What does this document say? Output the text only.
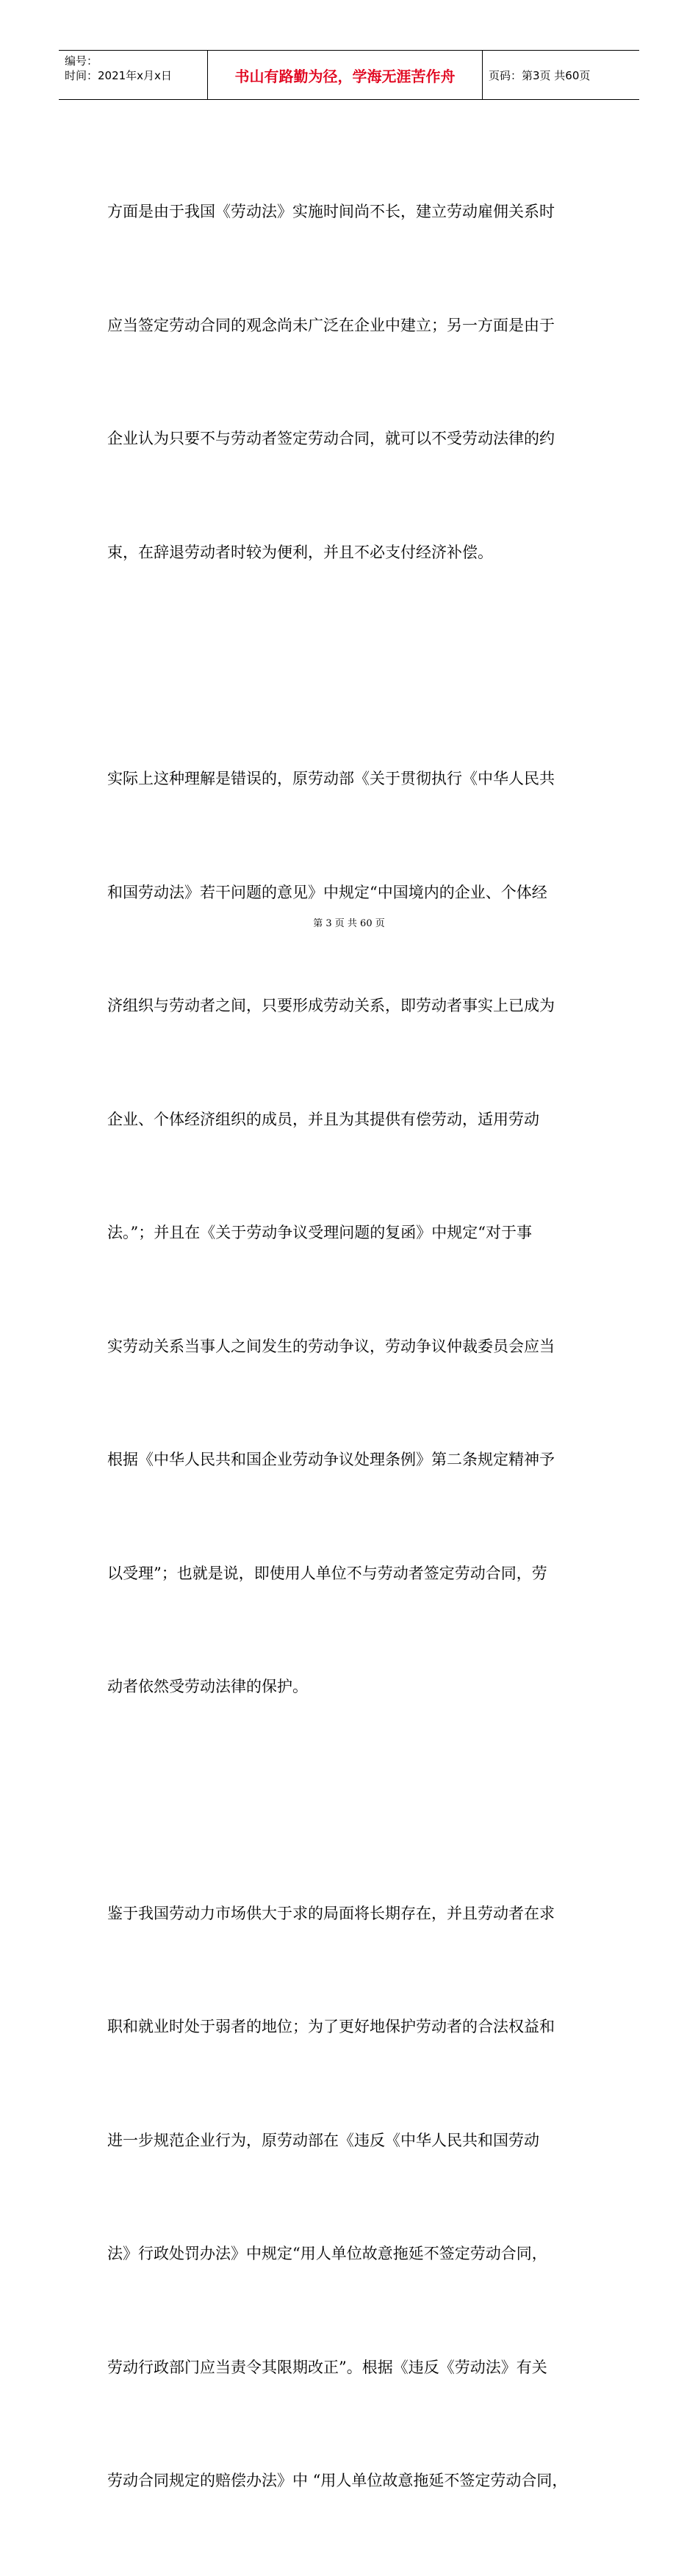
编号：
时间：2021年x月x日	书山有路勤为径，学海无涯苦作舟	页码：第3页 共60页

方面是由于我国《劳动法》实施时间尚不长，建立劳动雇佣关系时

应当签定劳动合同的观念尚未广泛在企业中建立；另一方面是由于

企业认为只要不与劳动者签定劳动合同，就可以不受劳动法律的约

束，在辞退劳动者时较为便利，并且不必支付经济补偿。

实际上这种理解是错误的，原劳动部《关于贯彻执行《中华人民共

和国劳动法》若干问题的意见》中规定“中国境内的企业、个体经

济组织与劳动者之间，只要形成劳动关系，即劳动者事实上已成为

企业、个体经济组织的成员，并且为其提供有偿劳动，适用劳动

法。”；并且在《关于劳动争议受理问题的复函》中规定“对于事

实劳动关系当事人之间发生的劳动争议，劳动争议仲裁委员会应当

根据《中华人民共和国企业劳动争议处理条例》第二条规定精神予

以受理”；也就是说，即使用人单位不与劳动者签定劳动合同，劳

动者依然受劳动法律的保护。

鉴于我国劳动力市场供大于求的局面将长期存在，并且劳动者在求

职和就业时处于弱者的地位；为了更好地保护劳动者的合法权益和

进一步规范企业行为，原劳动部在《违反《中华人民共和国劳动

法》行政处罚办法》中规定“用人单位故意拖延不签定劳动合同，

劳动行政部门应当责令其限期改正”。根据《违反《劳动法》有关

劳动合同规定的赔偿办法》中 “用人单位故意拖延不签定劳动合同，

第 3 页 共 60 页
